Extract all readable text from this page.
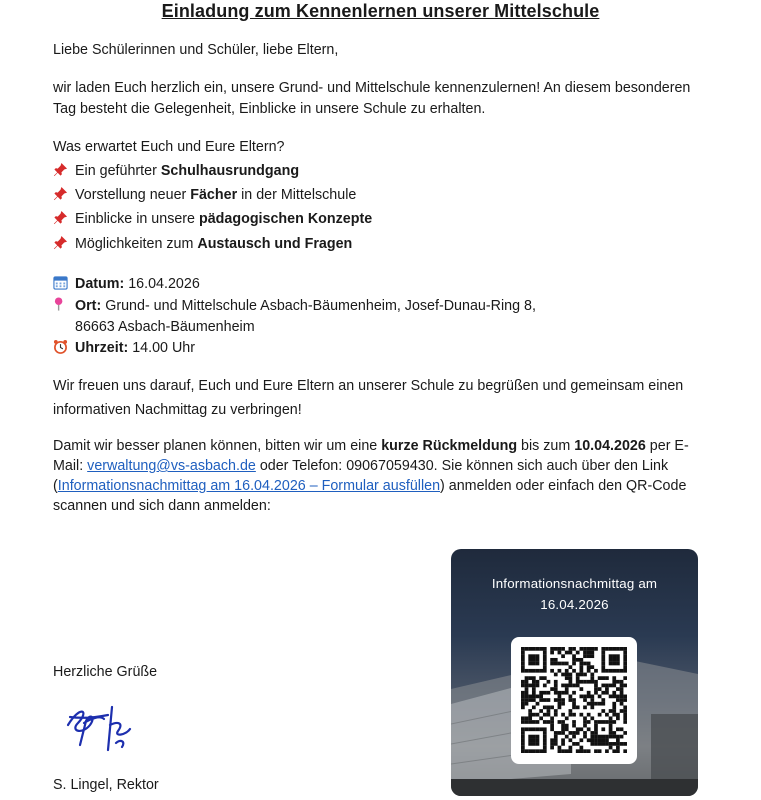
Einladung zum Kennenlernen unserer Mittelschule
Liebe Schülerinnen und Schüler, liebe Eltern,
wir laden Euch herzlich ein, unsere Grund- und Mittelschule kennenzulernen! An diesem besonderen
Tag besteht die Gelegenheit, Einblicke in unsere Schule zu erhalten.
Was erwartet Euch und Eure Eltern?
Ein geführter Schulhausrundgang
Vorstellung neuer Fächer in der Mittelschule
Einblicke in unsere pädagogischen Konzepte
Möglichkeiten zum Austausch und Fragen
Datum: 16.04.2026
Ort: Grund- und Mittelschule Asbach-Bäumenheim, Josef-Dunau-Ring 8,
86663 Asbach-Bäumenheim
Uhrzeit: 14.00 Uhr
Wir freuen uns darauf, Euch und Eure Eltern an unserer Schule zu begrüßen und gemeinsam einen
informativen Nachmittag zu verbringen!
Damit wir besser planen können, bitten wir um eine kurze Rückmeldung bis zum 10.04.2026 per E-
Mail: verwaltung@vs-asbach.de oder Telefon: 09067059430. Sie können sich auch über den Link
(Informationsnachmittag am 16.04.2026 – Formular ausfüllen) anmelden oder einfach den QR-Code
scannen und sich dann anmelden:
Informationsnachmittag am
16.04.2026
Herzliche Grüße
S. Lingel, Rektor
